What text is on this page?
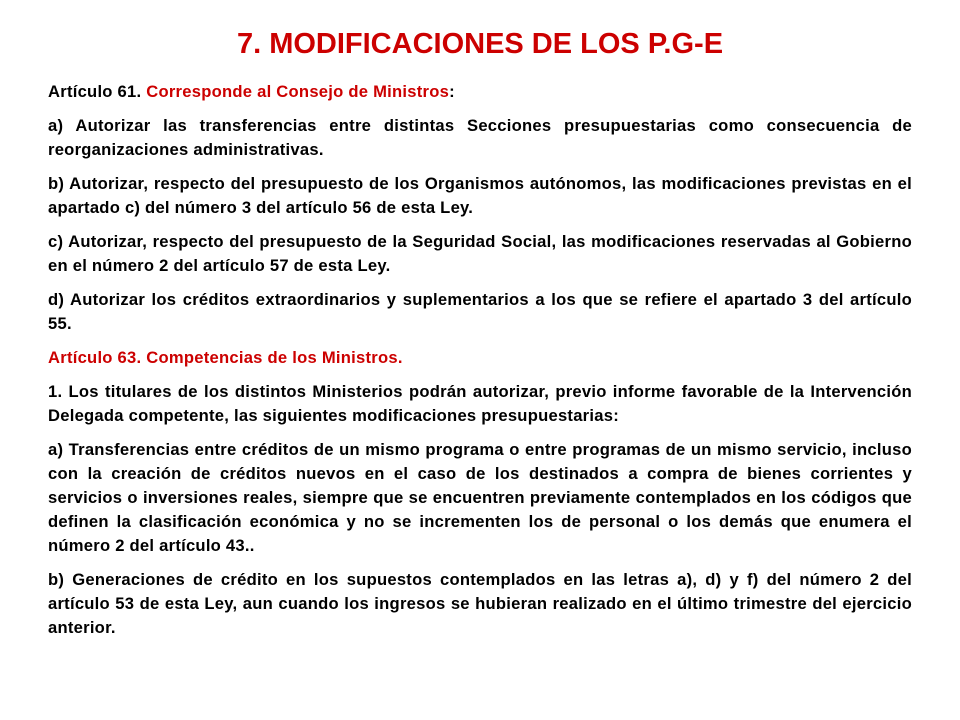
7. MODIFICACIONES DE LOS P.G-E

Artículo 61. Corresponde al Consejo de Ministros:

a) Autorizar las transferencias entre distintas Secciones presupuestarias como consecuencia de reorganizaciones administrativas.

b) Autorizar, respecto del presupuesto de los Organismos autónomos, las modificaciones previstas en el apartado c) del número 3 del artículo 56 de esta Ley.

c) Autorizar, respecto del presupuesto de la Seguridad Social, las modificaciones reservadas al Gobierno en el número 2 del artículo 57 de esta Ley.

d) Autorizar los créditos extraordinarios y suplementarios a los que se refiere el apartado 3 del artículo 55.

Artículo 63. Competencias de los Ministros.

1. Los titulares de los distintos Ministerios podrán autorizar, previo informe favorable de la Intervención Delegada competente, las siguientes modificaciones presupuestarias:

a) Transferencias entre créditos de un mismo programa o entre programas de un mismo servicio, incluso con la creación de créditos nuevos en el caso de los destinados a compra de bienes corrientes y servicios o inversiones reales, siempre que se encuentren previamente contemplados en los códigos que definen la clasificación económica y no se incrementen los de personal o los demás que enumera el número 2 del artículo 43..

b) Generaciones de crédito en los supuestos contemplados en las letras a), d) y f) del número 2 del artículo 53 de esta Ley, aun cuando los ingresos se hubieran realizado en el último trimestre del ejercicio anterior.
